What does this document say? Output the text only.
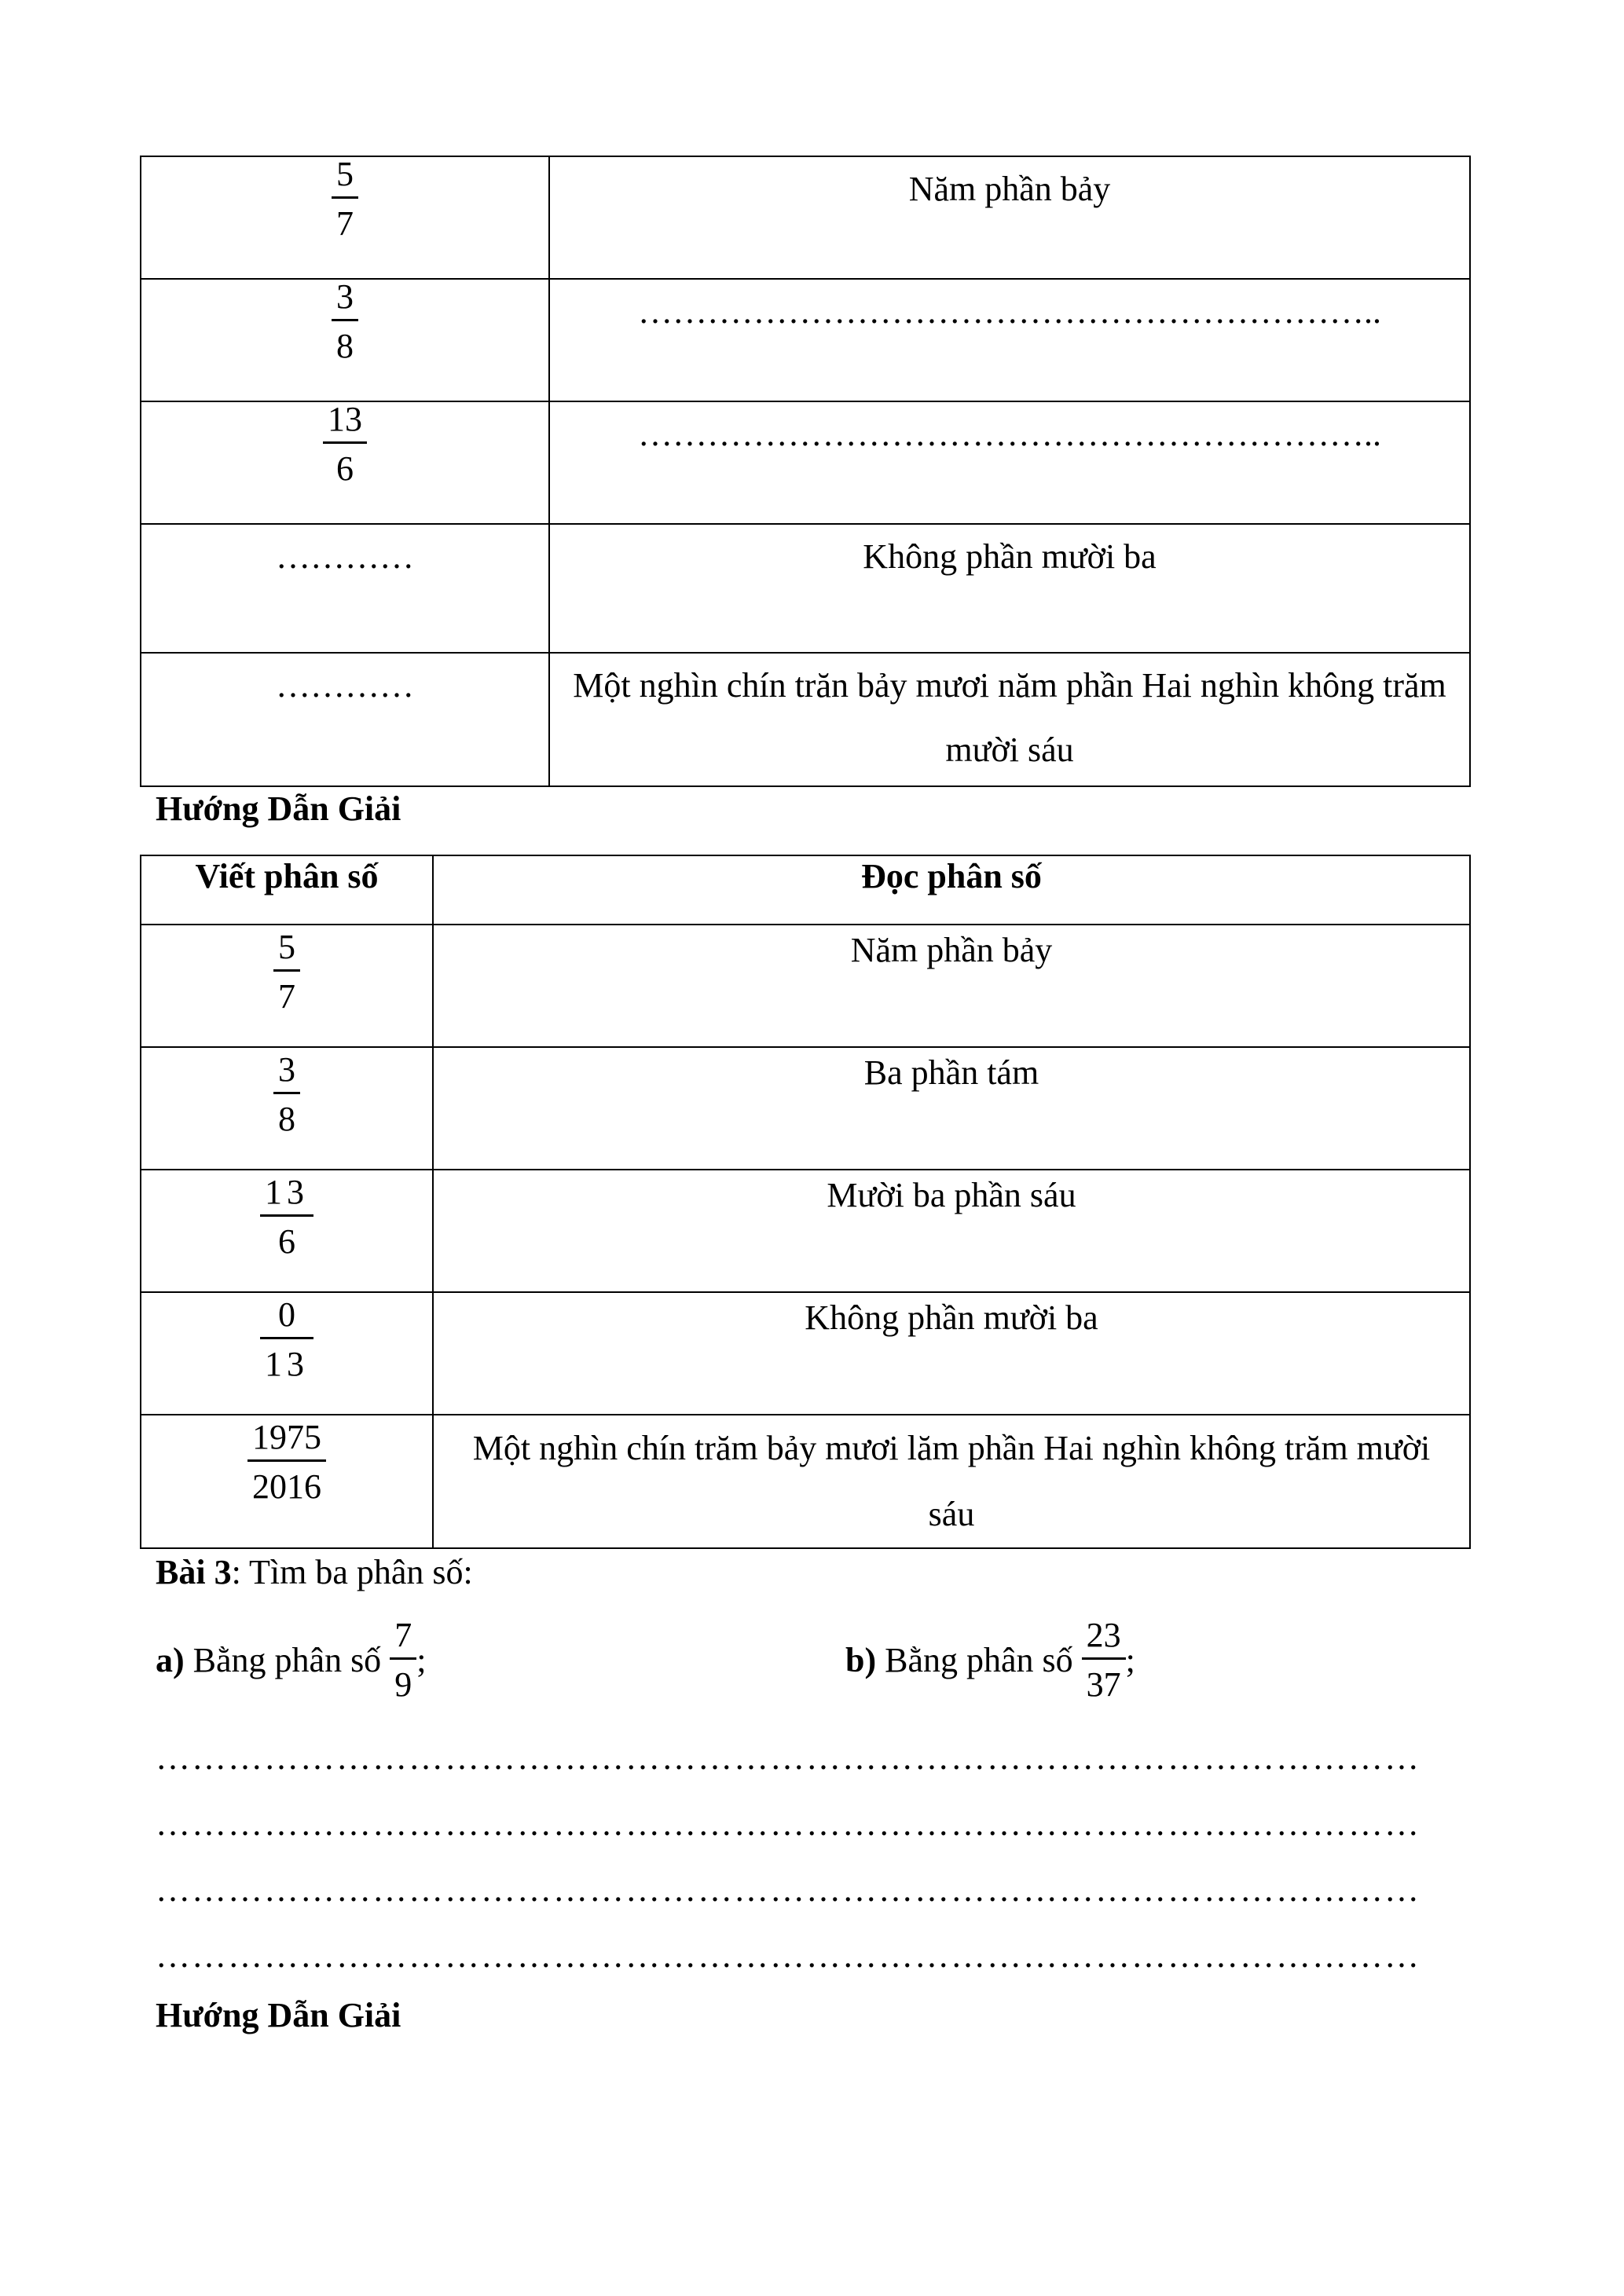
$\frac{5}{7}$	Năm phần bảy

$\frac{3}{8}$	………………………………………………………..

$\frac{13}{6}$	………………………………………………………..

…………	Không phần mười ba

…………	Một nghìn chín trăn bảy mươi năm phần Hai nghìn không trăm mười sáu
Hướng Dẫn Giải
Viết phân số	Đọc phân số

$\frac{5}{7}$	Năm phần bảy

$\frac{3}{8}$	Ba phần tám

$\frac{13}{6}$	Mười ba phần sáu

$\frac{0}{13}$	Không phần mười ba

$\frac{1975}{2016}$	Một nghìn chín trăm bảy mươi lăm phần Hai nghìn không trăm mười sáu
Bài 3: Tìm ba phân số:
a) Bằng phân số $\frac{7}{9}$ ;	b) Bằng phân số $\frac{23}{37}$ ;
……………………………………………………………………………………………
……………………………………………………………………………………………
……………………………………………………………………………………………
……………………………………………………………………………………………
Hướng Dẫn Giải
